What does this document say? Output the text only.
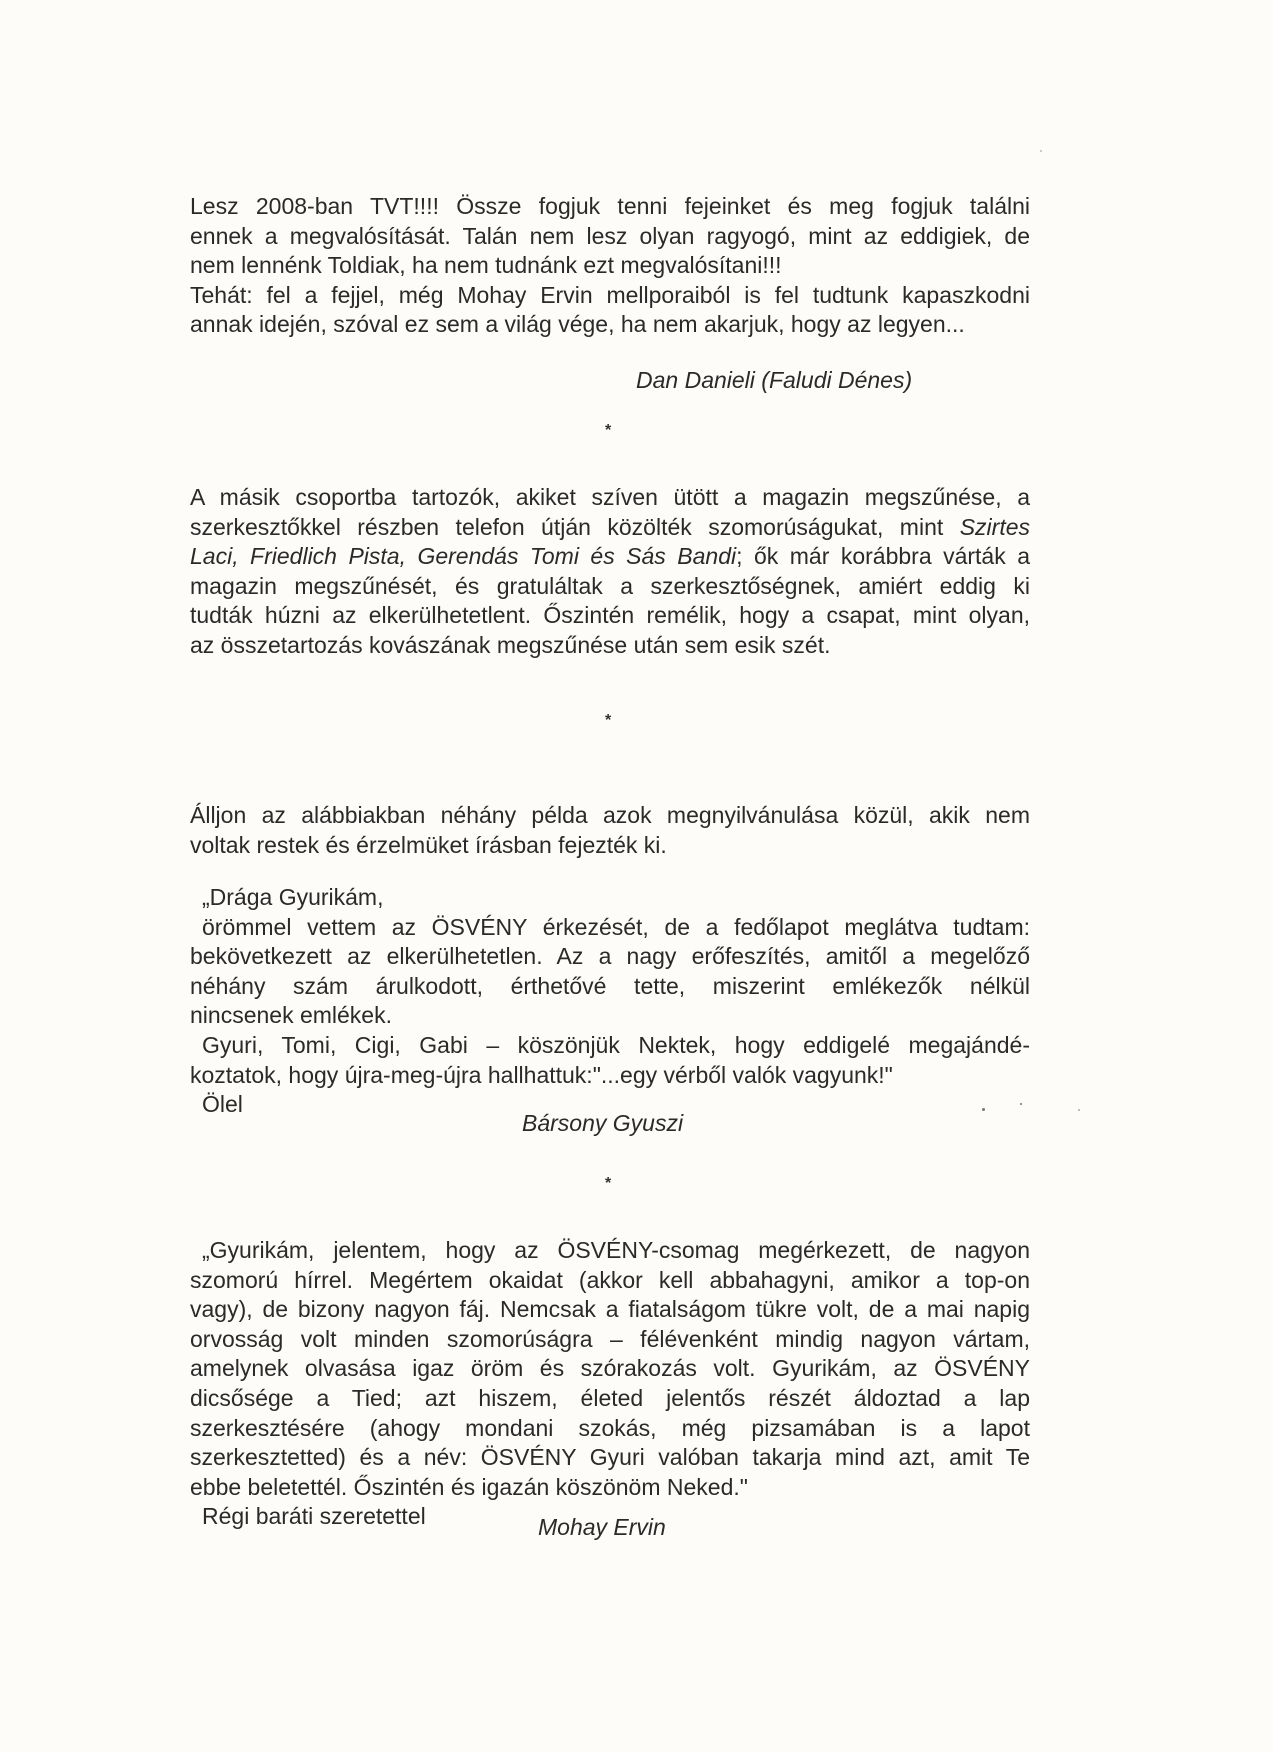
Lesz 2008-ban TVT!!!! Össze fogjuk tenni fejeinket és meg fogjuk találni
ennek a megvalósítását. Talán nem lesz olyan ragyogó, mint az eddigiek, de
nem lennénk Toldiak, ha nem tudnánk ezt megvalósítani!!!
Tehát: fel a fejjel, még Mohay Ervin mellporaiból is fel tudtunk kapaszkodni
annak idején, szóval ez sem a világ vége, ha nem akarjuk, hogy az legyen...

Dan Danieli (Faludi Dénes)

*
A másik csoportba tartozók, akiket szíven ütött a magazin megszűnése, a
szerkesztőkkel részben telefon útján közölték szomorúságukat, mint Szirtes
Laci, Friedlich Pista, Gerendás Tomi és Sás Bandi; ők már korábbra várták a
magazin megszűnését, és gratuláltak a szerkesztőségnek, amiért eddig ki
tudták húzni az elkerülhetetlent. Őszintén remélik, hogy a csapat, mint olyan,
az összetartozás kovászának megszűnése után sem esik szét.
*
Álljon az alábbiakban néhány példa azok megnyilvánulása közül, akik nem
voltak restek és érzelmüket írásban fejezték ki.
„Drága Gyurikám,
örömmel vettem az ÖSVÉNY érkezését, de a fedőlapot meglátva tudtam:
bekövetkezett az elkerülhetetlen. Az a nagy erőfeszítés, amitől a megelőző
néhány szám árulkodott, érthetővé tette, miszerint emlékezők nélkül
nincsenek emlékek.
Gyuri, Tomi, Cigi, Gabi – köszönjük Nektek, hogy eddigelé megajándé-
koztatok, hogy újra-meg-újra hallhattuk:"...egy vérből valók vagyunk!"
Ölel

Bársony Gyuszi

*
„Gyurikám, jelentem, hogy az ÖSVÉNY-csomag megérkezett, de nagyon
szomorú hírrel. Megértem okaidat (akkor kell abbahagyni, amikor a top-on
vagy), de bizony nagyon fáj. Nemcsak a fiatalságom tükre volt, de a mai napig
orvosság volt minden szomorúságra – félévenként mindig nagyon vártam,
amelynek olvasása igaz öröm és szórakozás volt. Gyurikám, az ÖSVÉNY
dicsősége a Tied; azt hiszem, életed jelentős részét áldoztad a lap
szerkesztésére (ahogy mondani szokás, még pizsamában is a lapot
szerkesztetted) és a név: ÖSVÉNY Gyuri valóban takarja mind azt, amit Te
ebbe beletettél. Őszintén és igazán köszönöm Neked."
Régi baráti szeretettel	Mohay Ervin
